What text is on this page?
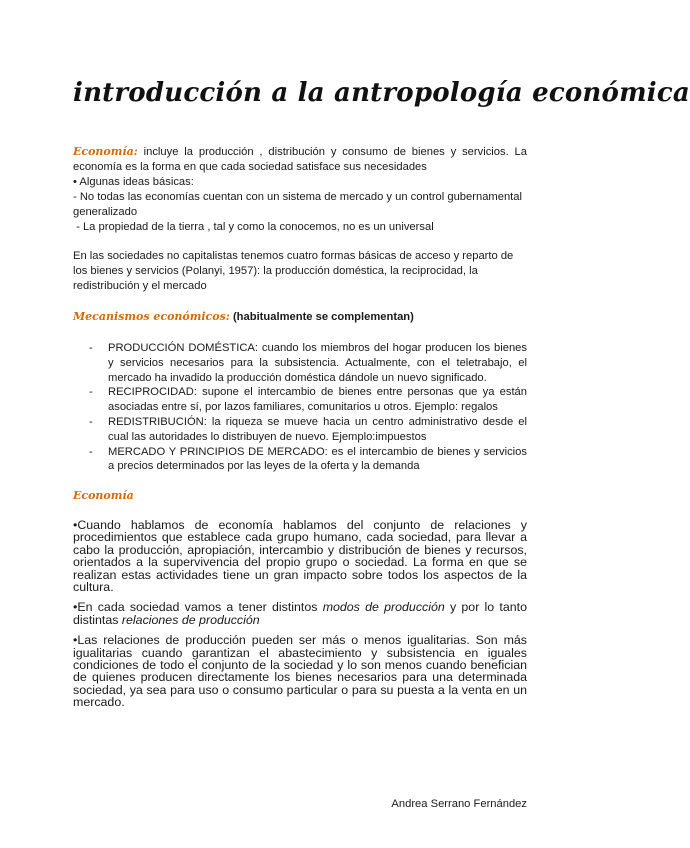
introducción a la antropología económica
Economía: incluye la producción , distribución y consumo de bienes y servicios. La economía es la forma en que cada sociedad satisface sus necesidades
• Algunas ideas básicas:
- No todas las economías cuentan con un sistema de mercado y un control gubernamental generalizado
- La propiedad de la tierra , tal y como la conocemos, no es un universal
En las sociedades no capitalistas tenemos cuatro formas básicas de acceso y reparto de los bienes y servicios (Polanyi, 1957): la producción doméstica, la reciprocidad, la redistribución y el mercado
Mecanismos económicos: (habitualmente se complementan)
- PRODUCCIÓN DOMÉSTICA: cuando los miembros del hogar producen los bienes y servicios necesarios para la subsistencia. Actualmente, con el teletrabajo, el mercado ha invadido la producción doméstica dándole un nuevo significado.
- RECIPROCIDAD: supone el intercambio de bienes entre personas que ya están asociadas entre sí, por lazos familiares, comunitarios u otros. Ejemplo: regalos
- REDISTRIBUCIÓN: la riqueza se mueve hacia un centro administrativo desde el cual las autoridades lo distribuyen de nuevo. Ejemplo:impuestos
- MERCADO Y PRINCIPIOS DE MERCADO: es el intercambio de bienes y servicios a precios determinados por las leyes de la oferta y la demanda
Economía

•Cuando hablamos de economía hablamos del conjunto de relaciones y procedimientos que establece cada grupo humano, cada sociedad, para llevar a cabo la producción, apropiación, intercambio y distribución de bienes y recursos, orientados a la supervivencia del propio grupo o sociedad. La forma en que se realizan estas actividades tiene un gran impacto sobre todos los aspectos de la cultura.

•En cada sociedad vamos a tener distintos modos de producción y por lo tanto distintas relaciones de producción

•Las relaciones de producción pueden ser más o menos igualitarias. Son más igualitarias cuando garantizan el abastecimiento y subsistencia en iguales condiciones de todo el conjunto de la sociedad y lo son menos cuando benefician de quienes producen directamente los bienes necesarios para una determinada sociedad, ya sea para uso o consumo particular o para su puesta a la venta en un mercado.

Andrea Serrano Fernández
